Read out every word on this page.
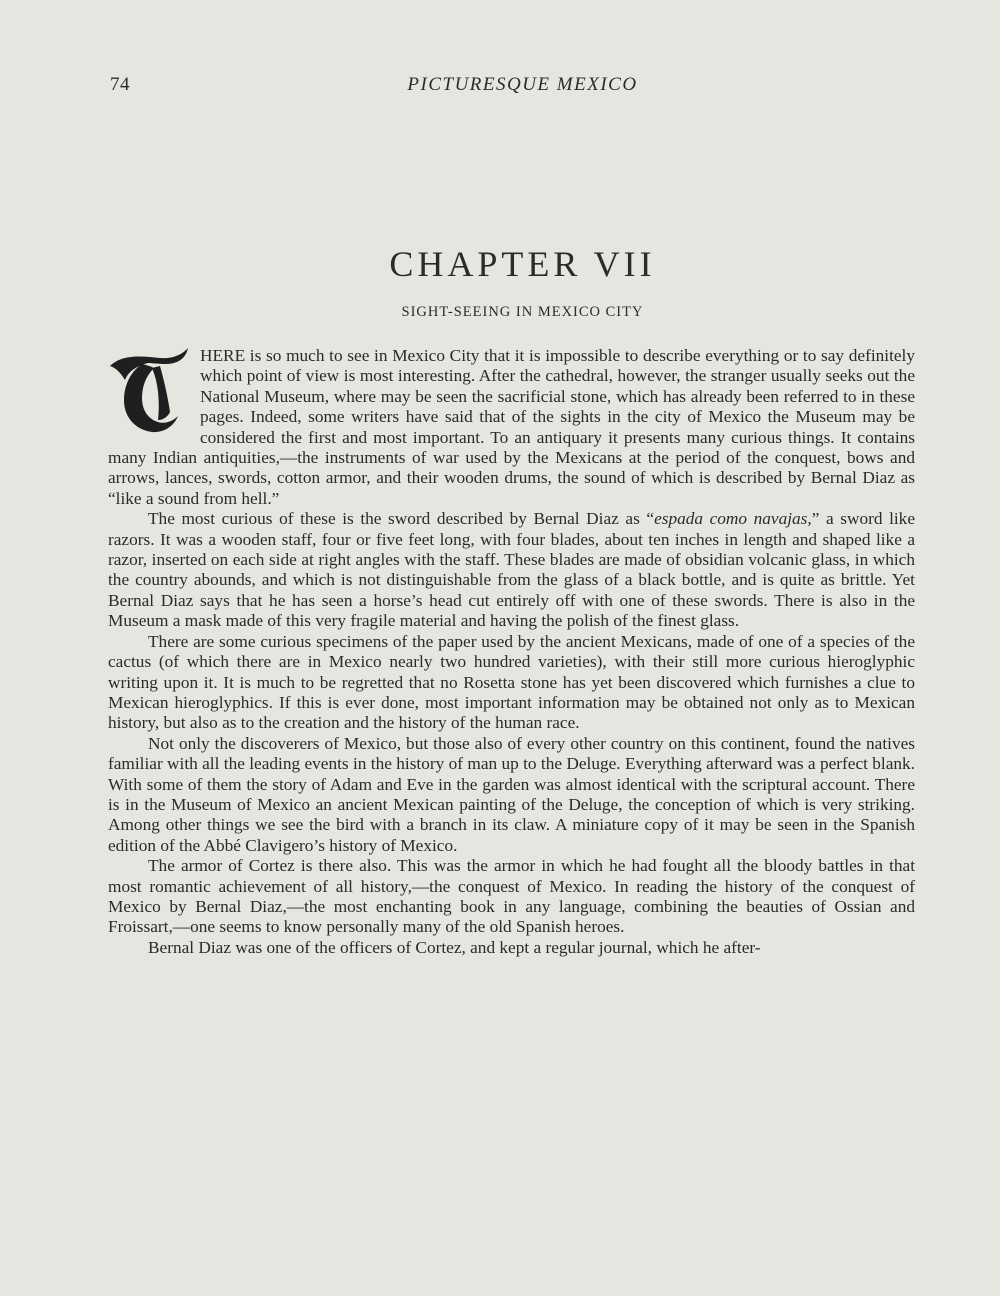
74	PICTURESQUE MEXICO
CHAPTER VII
SIGHT-SEEING IN MEXICO CITY

HERE is so much to see in Mexico City that it is impossible to describe everything or to say definitely which point of view is most interesting. After the cathedral, however, the stranger usually seeks out the National Museum, where may be seen the sacrificial stone, which has already been referred to in these pages. Indeed, some writers have said that of the sights in the city of Mexico the Museum may be considered the first and most important. To an antiquary it presents many curious things. It contains many Indian antiquities,—the instruments of war used by the Mexicans at the period of the conquest, bows and arrows, lances, swords, cotton armor, and their wooden drums, the sound of which is described by Bernal Diaz as “like a sound from hell.”

The most curious of these is the sword described by Bernal Diaz as “espada como navajas,” a sword like razors. It was a wooden staff, four or five feet long, with four blades, about ten inches in length and shaped like a razor, inserted on each side at right angles with the staff. These blades are made of obsidian volcanic glass, in which the country abounds, and which is not distinguishable from the glass of a black bottle, and is quite as brittle. Yet Bernal Diaz says that he has seen a horse’s head cut entirely off with one of these swords. There is also in the Museum a mask made of this very fragile material and having the polish of the finest glass.

There are some curious specimens of the paper used by the ancient Mexicans, made of one of a species of the cactus (of which there are in Mexico nearly two hundred varieties), with their still more curious hieroglyphic writing upon it. It is much to be regretted that no Rosetta stone has yet been discovered which furnishes a clue to Mexican hieroglyphics. If this is ever done, most important information may be obtained not only as to Mexican history, but also as to the creation and the history of the human race.

Not only the discoverers of Mexico, but those also of every other country on this continent, found the natives familiar with all the leading events in the history of man up to the Deluge. Everything afterward was a perfect blank. With some of them the story of Adam and Eve in the garden was almost identical with the scriptural account. There is in the Museum of Mexico an ancient Mexican painting of the Deluge, the conception of which is very striking. Among other things we see the bird with a branch in its claw. A miniature copy of it may be seen in the Spanish edition of the Abbé Clavigero’s history of Mexico.

The armor of Cortez is there also. This was the armor in which he had fought all the bloody battles in that most romantic achievement of all history,—the conquest of Mexico. In reading the history of the conquest of Mexico by Bernal Diaz,—the most enchanting book in any language, combining the beauties of Ossian and Froissart,—one seems to know personally many of the old Spanish heroes.

Bernal Diaz was one of the officers of Cortez, and kept a regular journal, which he after-
